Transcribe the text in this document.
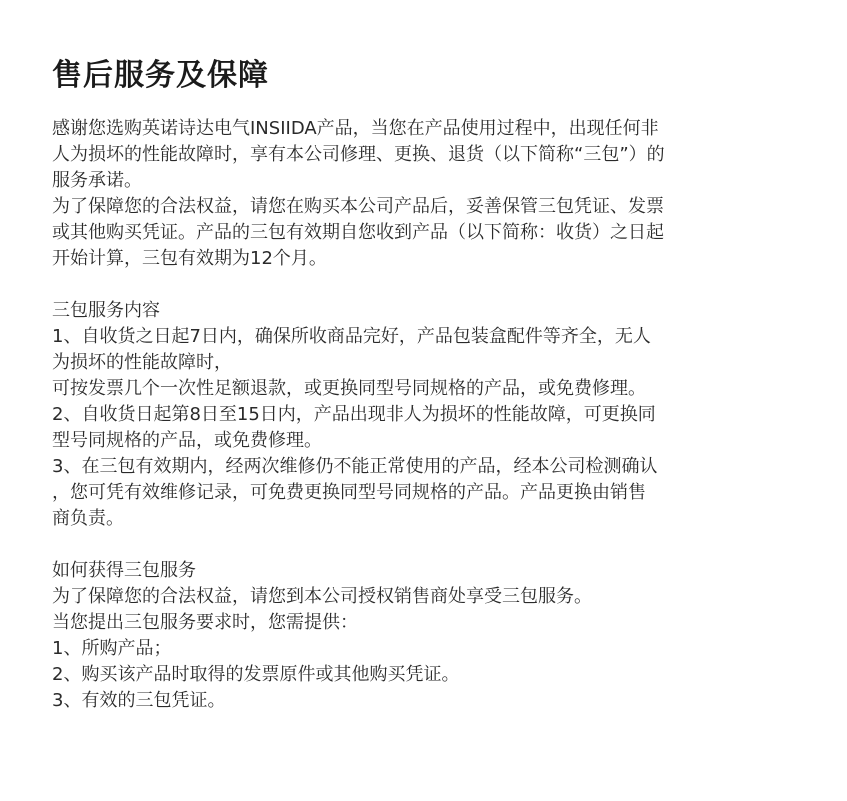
售后服务及保障
感谢您选购英诺诗达电气INSIIDA产品，当您在产品使用过程中，出现任何非
人为损坏的性能故障时，享有本公司修理、更换、退货（以下简称“三包”）的
服务承诺。
为了保障您的合法权益，请您在购买本公司产品后，妥善保管三包凭证、发票
或其他购买凭证。产品的三包有效期自您收到产品（以下简称：收货）之日起
开始计算，三包有效期为12个月。
三包服务内容
1、自收货之日起7日内，确保所收商品完好，产品包装盒配件等齐全，无人
为损坏的性能故障时，
可按发票几个一次性足额退款，或更换同型号同规格的产品，或免费修理。
2、自收货日起第8日至15日内，产品出现非人为损坏的性能故障，可更换同
型号同规格的产品，或免费修理。
3、在三包有效期内，经两次维修仍不能正常使用的产品，经本公司检测确认
，您可凭有效维修记录，可免费更换同型号同规格的产品。产品更换由销售
商负责。
如何获得三包服务
为了保障您的合法权益，请您到本公司授权销售商处享受三包服务。
当您提出三包服务要求时，您需提供：
1、所购产品；
2、购买该产品时取得的发票原件或其他购买凭证。
3、有效的三包凭证。
